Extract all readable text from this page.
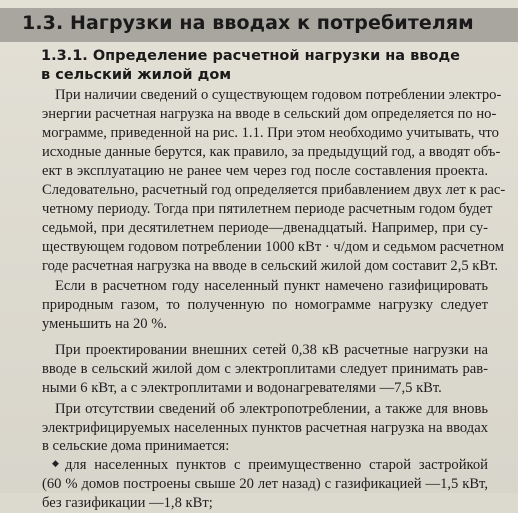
1.3. Нагрузки на вводах к потребителям
1.3.1. Определение расчетной нагрузки на вводе
в сельский жилой дом
При наличии сведений о существующем годовом потреблении электро-
энергии расчетная нагрузка на вводе в сельский дом определяется по но-
мограмме, приведенной на рис. 1.1. При этом необходимо учитывать, что
исходные данные берутся, как правило, за предыдущий год, а вводят объ-
ект в эксплуатацию не ранее чем через год после составления проекта.
Следовательно, расчетный год определяется прибавлением двух лет к рас-
четному периоду. Тогда при пятилетнем периоде расчетным годом будет
седьмой, при десятилетнем периоде—двенадцатый. Например, при су-
ществующем годовом потреблении 1000 кВт · ч/дом и седьмом расчетном
годе расчетная нагрузка на вводе в сельский жилой дом составит 2,5 кВт.
Если в расчетном году населенный пункт намечено газифицировать
природным газом, то полученную по номограмме нагрузку следует
уменьшить на 20 %.
При проектировании внешних сетей 0,38 кВ расчетные нагрузки на
вводе в сельский жилой дом с электроплитами следует принимать рав-
ными 6 кВт, а с электроплитами и водонагревателями —7,5 кВт.
При отсутствии сведений об электропотреблении, а также для вновь
электрифицируемых населенных пунктов расчетная нагрузка на вводах
в сельские дома принимается:
◆ для населенных пунктов с преимущественно старой застройкой
(60 % домов построены свыше 20 лет назад) с газификацией —1,5 кВт,
без газификации —1,8 кВт;
